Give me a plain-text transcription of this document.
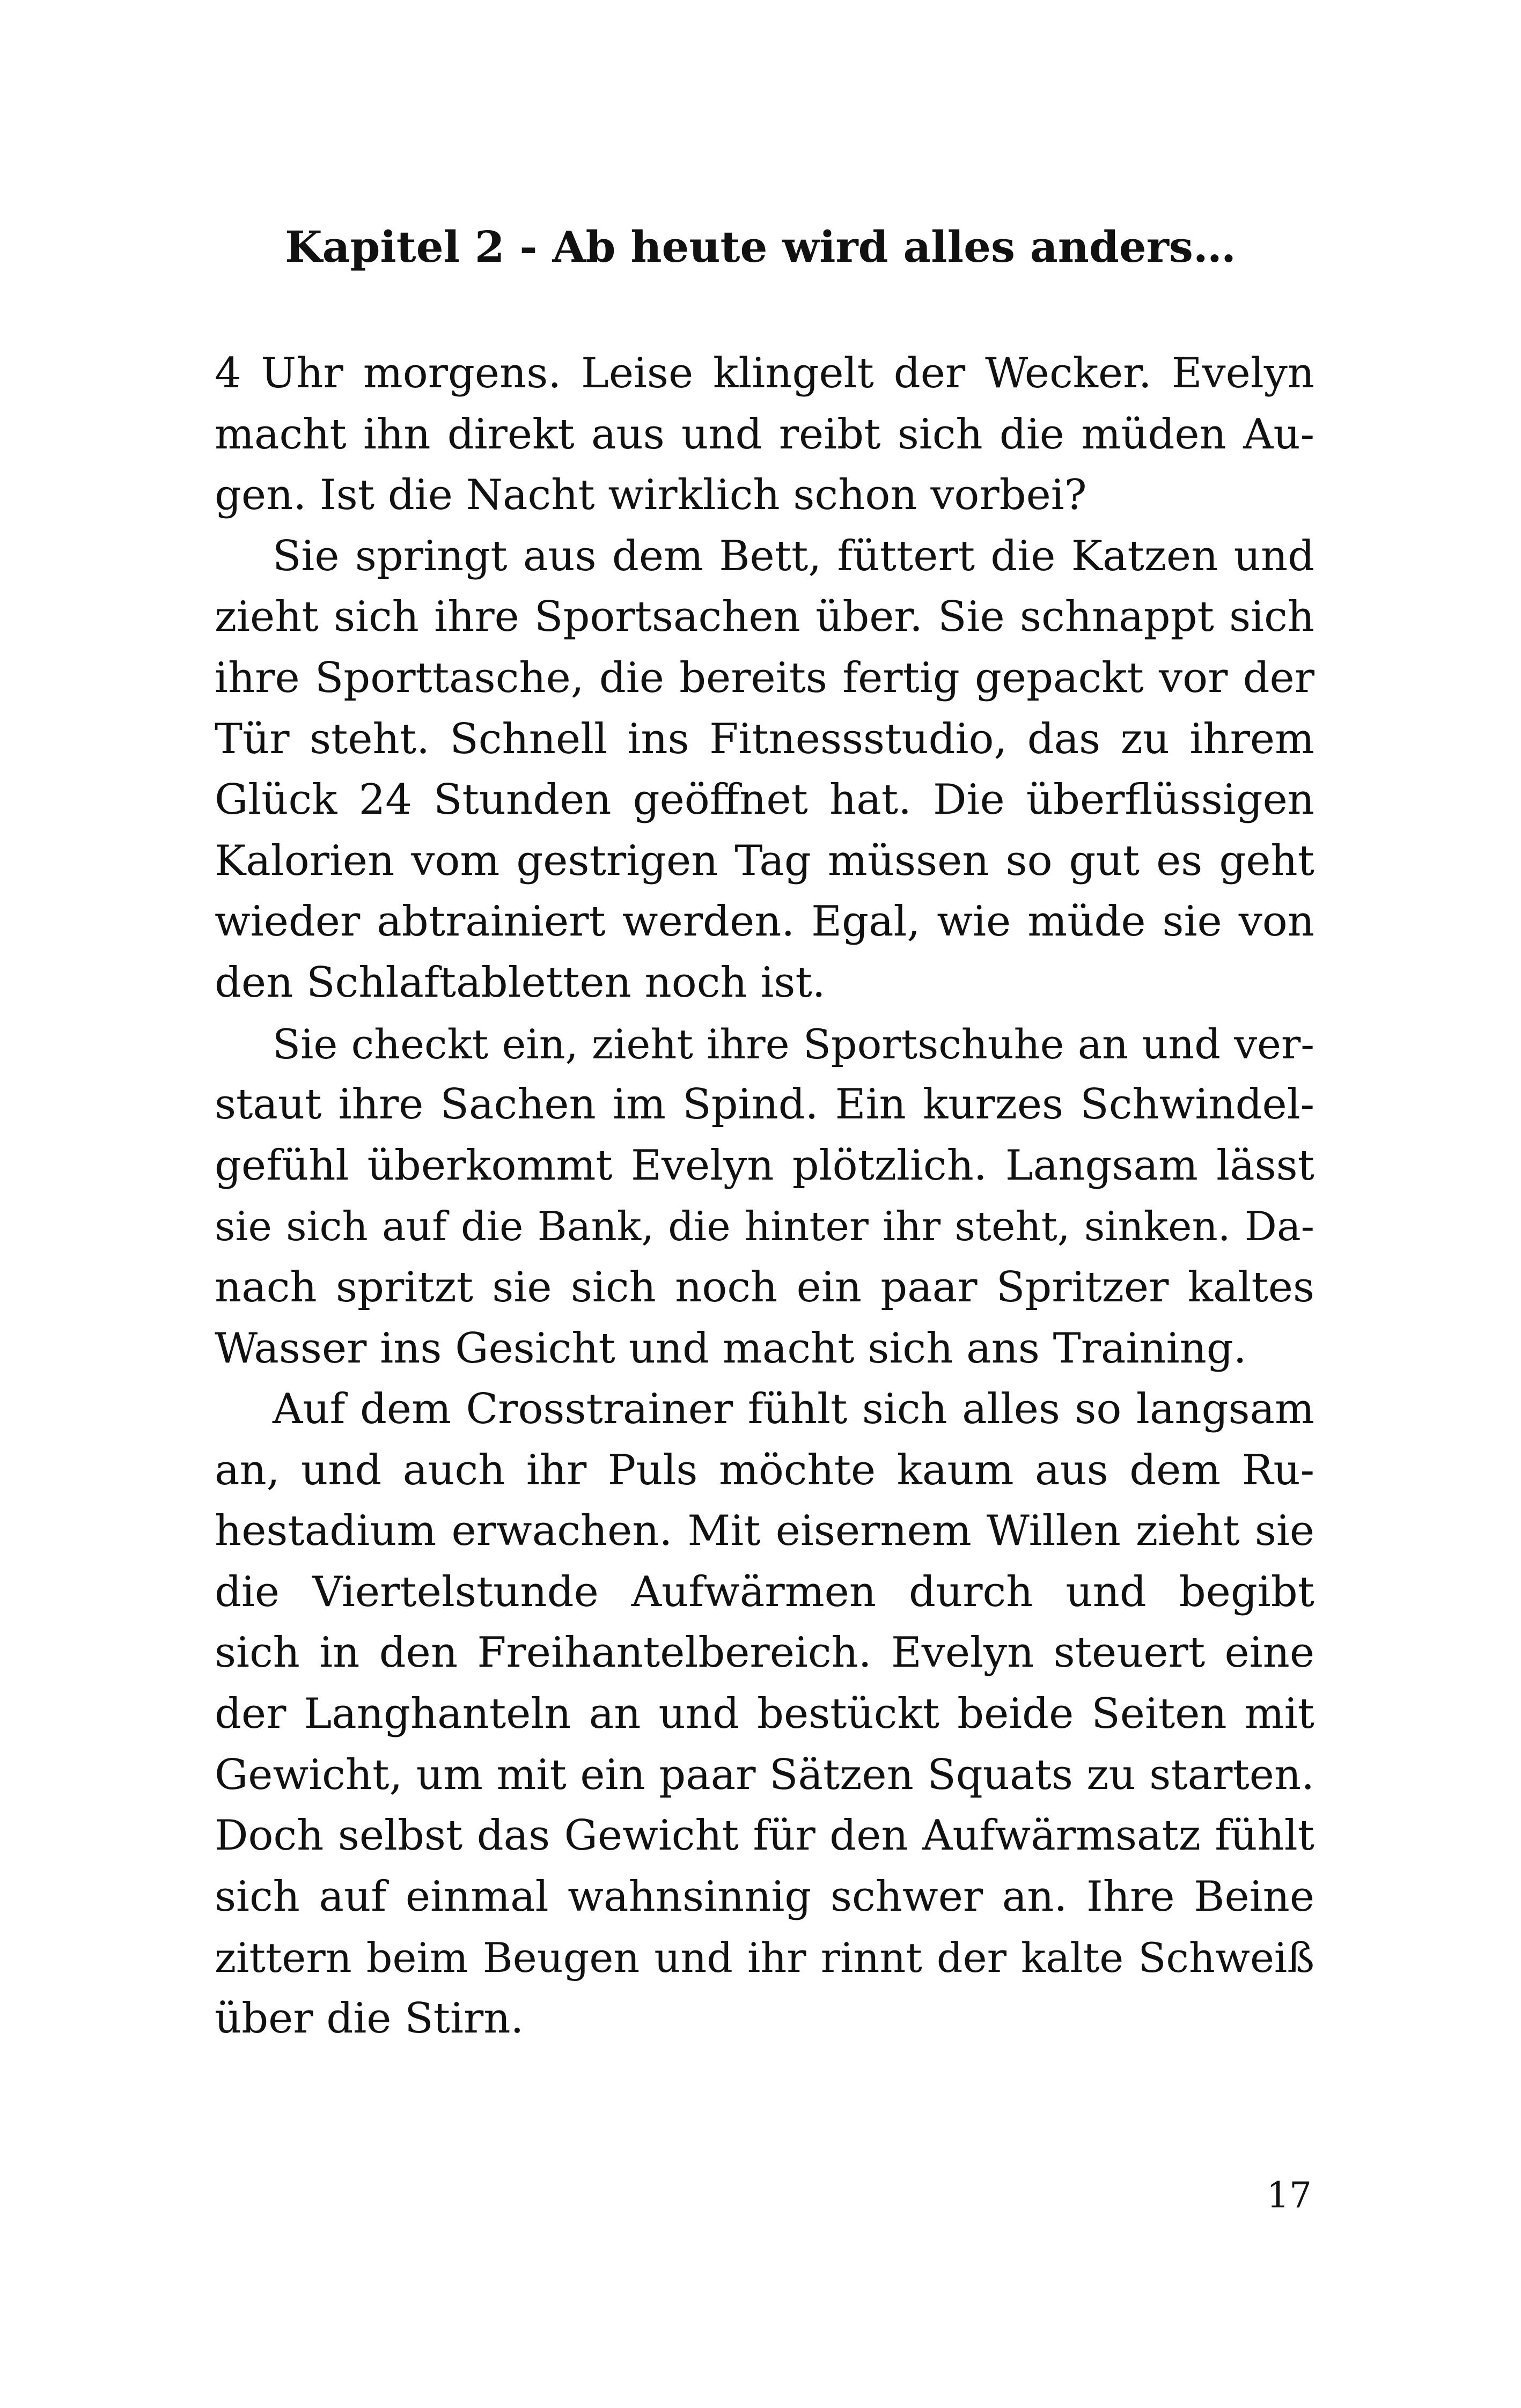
Kapitel 2 - Ab heute wird alles anders…

4 Uhr morgens. Leise klingelt der Wecker. Evelyn
macht ihn direkt aus und reibt sich die müden Au-
gen. Ist die Nacht wirklich schon vorbei?

Sie springt aus dem Bett, füttert die Katzen und
zieht sich ihre Sportsachen über. Sie schnappt sich
ihre Sporttasche, die bereits fertig gepackt vor der
Tür steht. Schnell ins Fitnessstudio, das zu ihrem
Glück 24 Stunden geöffnet hat. Die überflüssigen
Kalorien vom gestrigen Tag müssen so gut es geht
wieder abtrainiert werden. Egal, wie müde sie von
den Schlaftabletten noch ist.

Sie checkt ein, zieht ihre Sportschuhe an und ver-
staut ihre Sachen im Spind. Ein kurzes Schwindel-
gefühl überkommt Evelyn plötzlich. Langsam lässt
sie sich auf die Bank, die hinter ihr steht, sinken. Da-
nach spritzt sie sich noch ein paar Spritzer kaltes
Wasser ins Gesicht und macht sich ans Training.

Auf dem Crosstrainer fühlt sich alles so langsam
an, und auch ihr Puls möchte kaum aus dem Ru-
hestadium erwachen. Mit eisernem Willen zieht sie
die Viertelstunde Aufwärmen durch und begibt
sich in den Freihantelbereich. Evelyn steuert eine
der Langhanteln an und bestückt beide Seiten mit
Gewicht, um mit ein paar Sätzen Squats zu starten.
Doch selbst das Gewicht für den Aufwärmsatz fühlt
sich auf einmal wahnsinnig schwer an. Ihre Beine
zittern beim Beugen und ihr rinnt der kalte Schweiß
über die Stirn.

17
